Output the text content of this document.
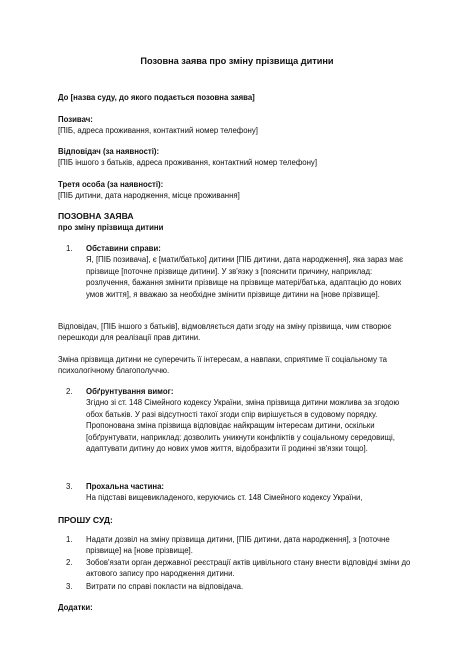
Позовна заява про зміну прізвища дитини
До [назва суду, до якого подається позовна заява]
Позивач:
[ПІБ, адреса проживання, контактний номер телефону]
Відповідач (за наявності):
[ПІБ іншого з батьків, адреса проживання, контактний номер телефону]
Третя особа (за наявності):
[ПІБ дитини, дата народження, місце проживання]
ПОЗОВНА ЗАЯВА
про зміну прізвища дитини
1.	Обставини справи:
Я, [ПІБ позивача], є [мати/батько] дитини [ПІБ дитини, дата народження], яка зараз має прізвище [поточне прізвище дитини]. У зв'язку з [пояснити причину, наприклад: розлучення, бажання змінити прізвище на прізвище матері/батька, адаптацію до нових умов життя], я вважаю за необхідне змінити прізвище дитини на [нове прізвище].
Відповідач, [ПІБ іншого з батьків], відмовляється дати згоду на зміну прізвища, чим створює перешкоди для реалізації прав дитини.
Зміна прізвища дитини не суперечить її інтересам, а навпаки, сприятиме її соціальному та психологічному благополуччю.
2.	Обґрунтування вимог:
Згідно зі ст. 148 Сімейного кодексу України, зміна прізвища дитини можлива за згодою обох батьків. У разі відсутності такої згоди спір вирішується в судовому порядку.
Пропонована зміна прізвища відповідає найкращим інтересам дитини, оскільки [обґрунтувати, наприклад: дозволить уникнути конфліктів у соціальному середовищі, адаптувати дитину до нових умов життя, відобразити її родинні зв'язки тощо].
3.	Прохальна частина:
На підставі вищевикладеного, керуючись ст. 148 Сімейного кодексу України,
ПРОШУ СУД:
1.	Надати дозвіл на зміну прізвища дитини, [ПІБ дитини, дата народження], з [поточне прізвище] на [нове прізвище].
2.	Зобов'язати орган державної реєстрації актів цивільного стану внести відповідні зміни до актового запису про народження дитини.
3.	Витрати по справі покласти на відповідача.
Додатки:
